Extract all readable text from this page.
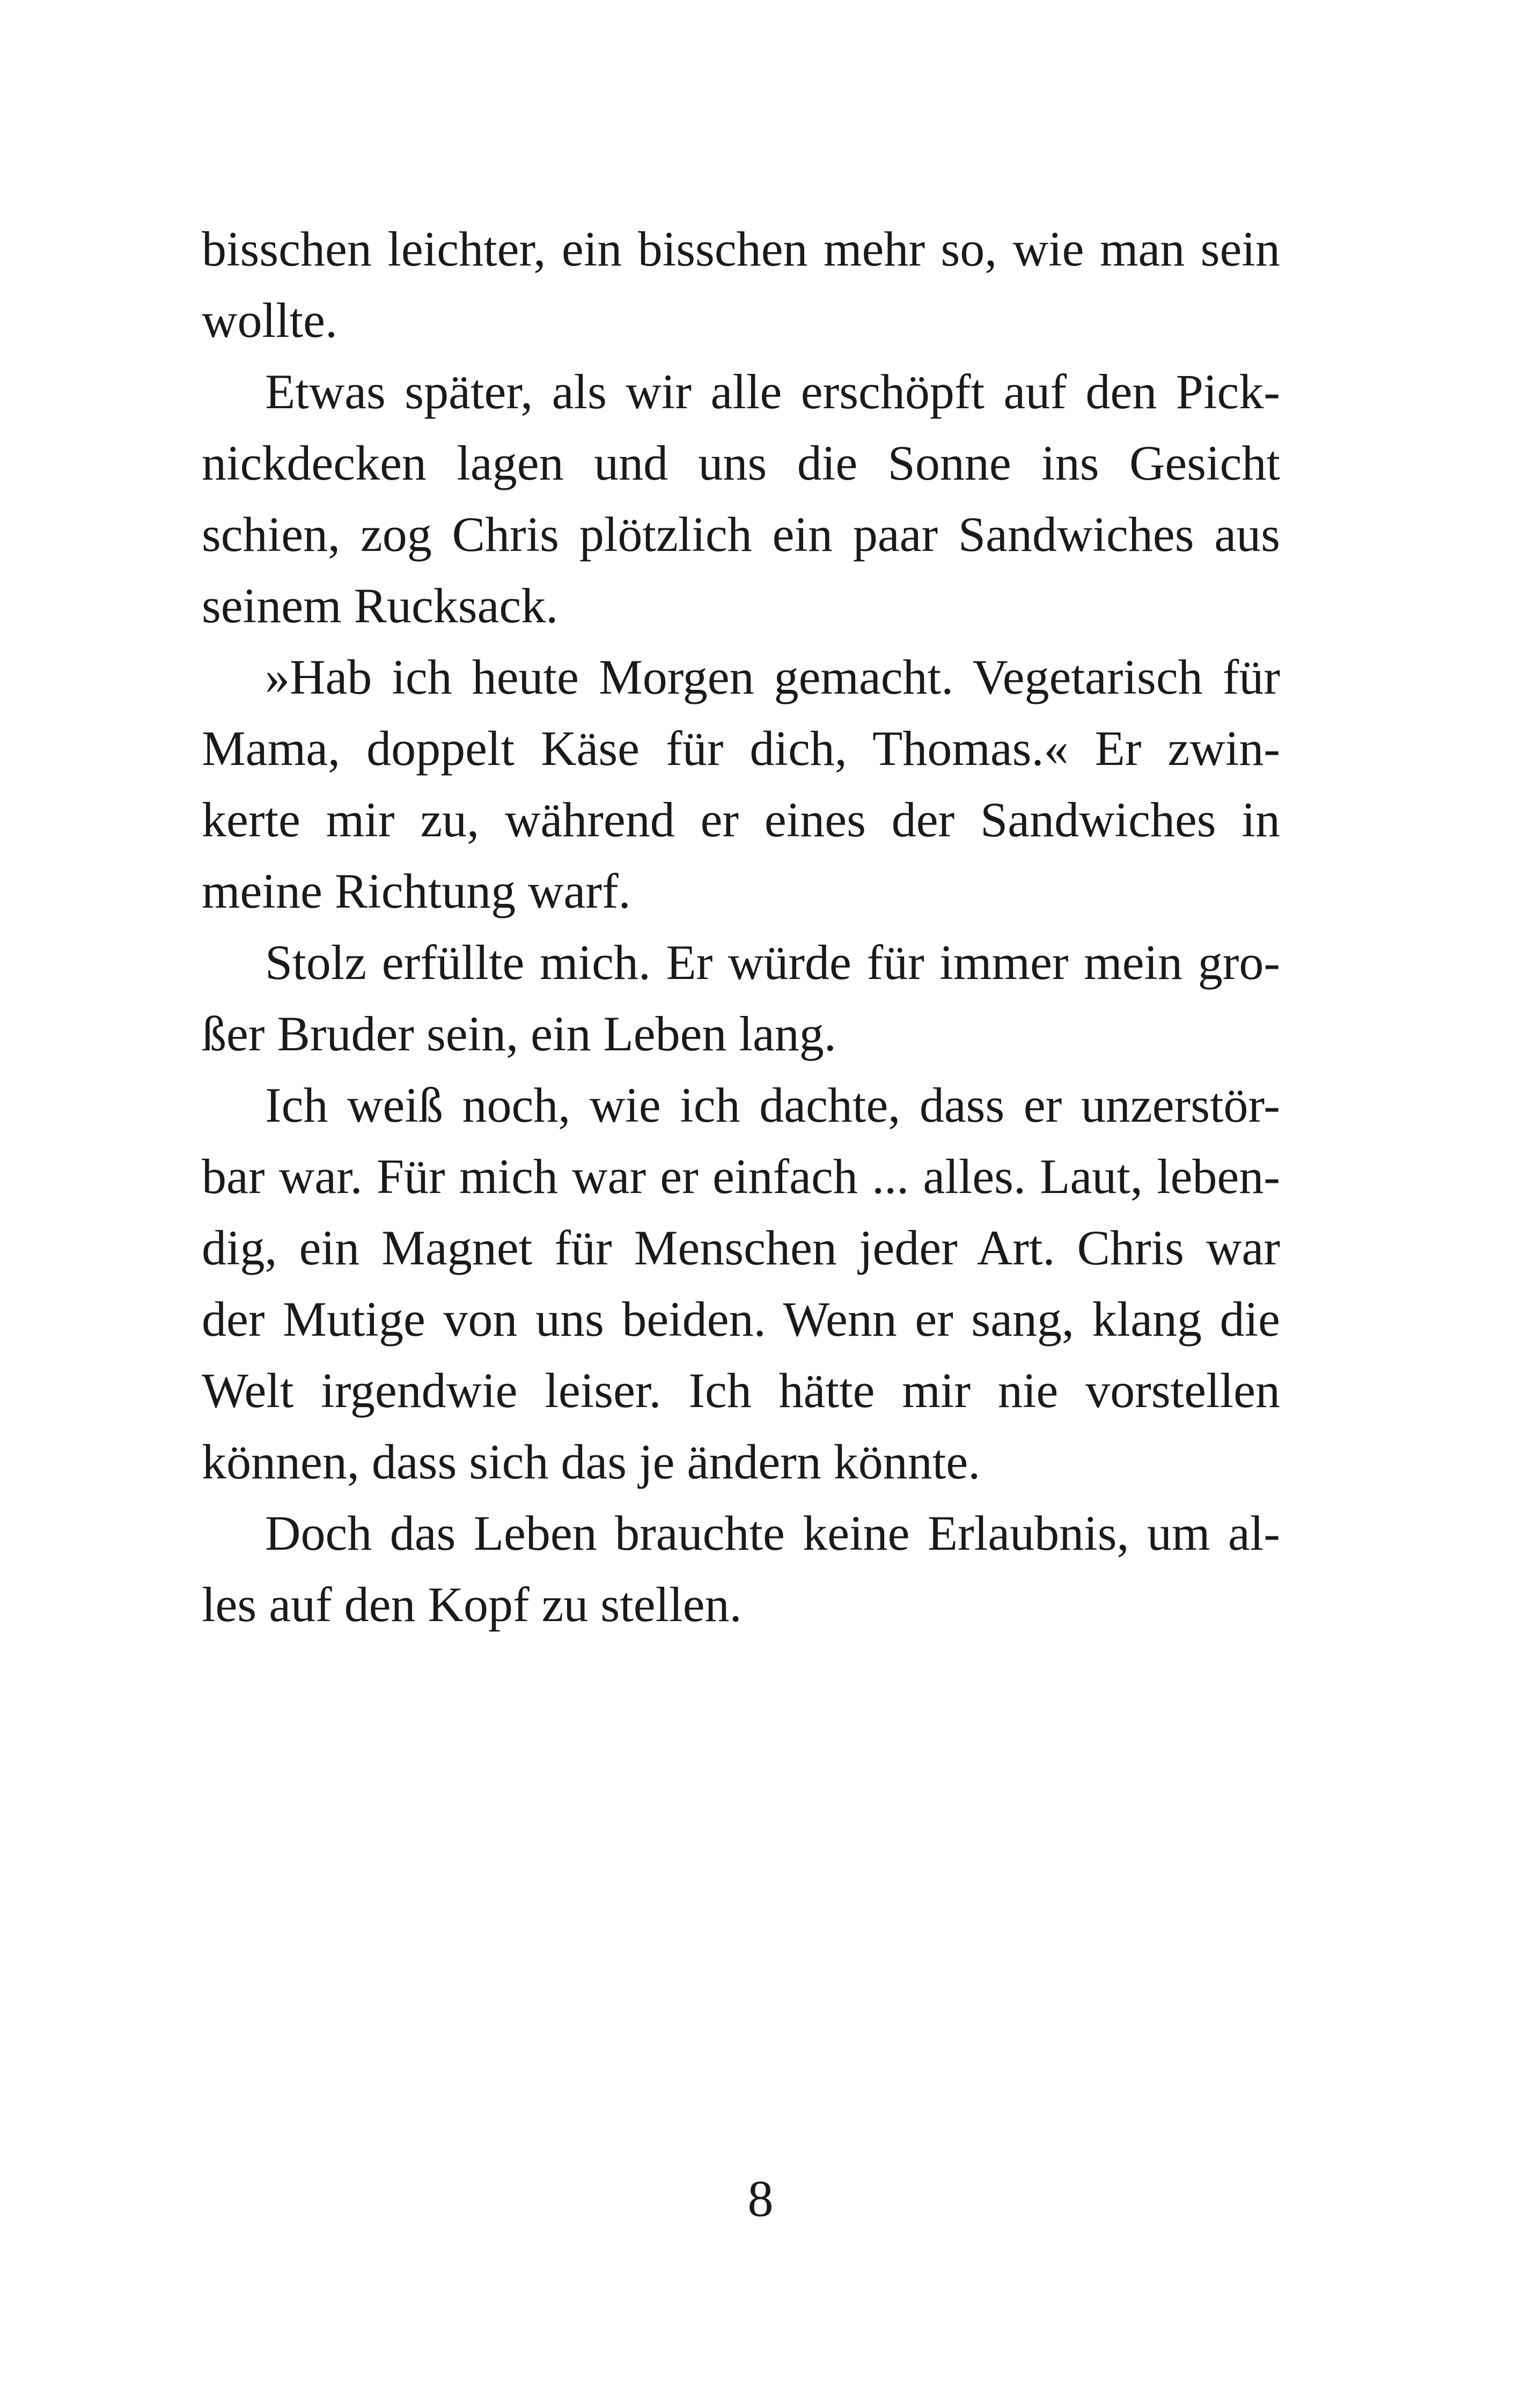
bisschen leichter, ein bisschen mehr so, wie man sein
wollte.
Etwas später, als wir alle erschöpft auf den Pick-
nickdecken lagen und uns die Sonne ins Gesicht
schien, zog Chris plötzlich ein paar Sandwiches aus
seinem Rucksack.
»Hab ich heute Morgen gemacht. Vegetarisch für
Mama, doppelt Käse für dich, Thomas.« Er zwin-
kerte mir zu, während er eines der Sandwiches in
meine Richtung warf.
Stolz erfüllte mich. Er würde für immer mein gro-
ßer Bruder sein, ein Leben lang.
Ich weiß noch, wie ich dachte, dass er unzerstör-
bar war. Für mich war er einfach ... alles. Laut, leben-
dig, ein Magnet für Menschen jeder Art. Chris war
der Mutige von uns beiden. Wenn er sang, klang die
Welt irgendwie leiser. Ich hätte mir nie vorstellen
können, dass sich das je ändern könnte.
Doch das Leben brauchte keine Erlaubnis, um al-
les auf den Kopf zu stellen.
8
